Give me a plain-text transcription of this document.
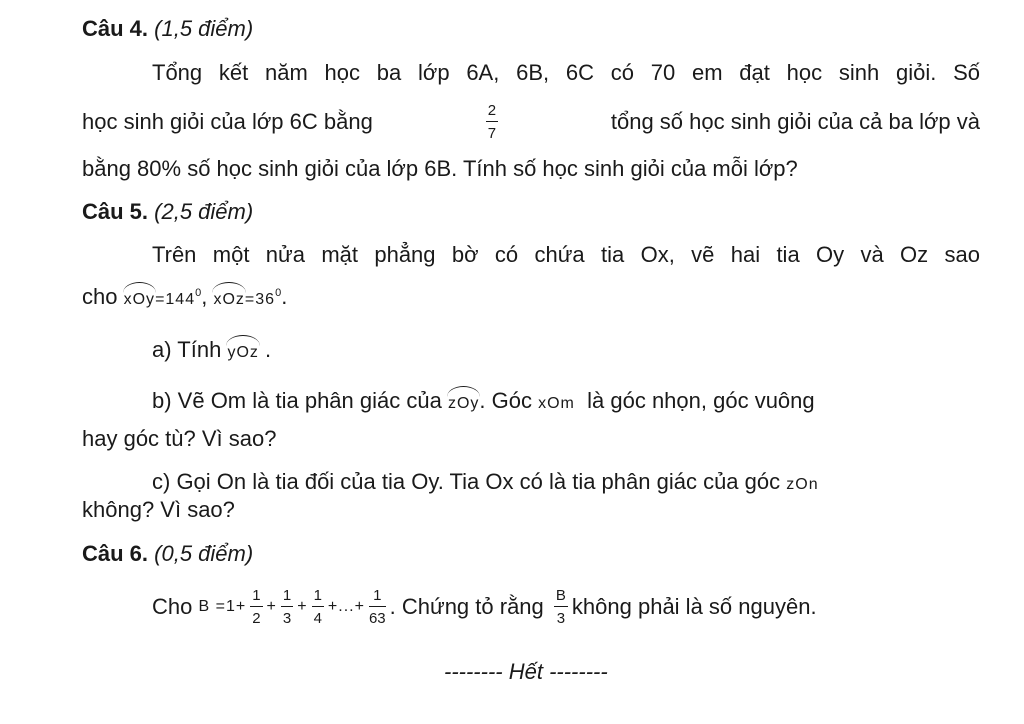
Câu 4. (1,5 điểm)
Tổng kết năm học ba lớp 6A, 6B, 6C có 70 em đạt học sinh giỏi. Số
học sinh giỏi của lớp 6C bằng	$\frac{2}{7}$	tổng số học sinh giỏi của cả ba lớp và
bằng 80% số học sinh giỏi của lớp 6B. Tính số học sinh giỏi của mỗi lớp?
Câu 5. (2,5 điểm)
Trên một nửa mặt phẳng bờ có chứa tia Ox, vẽ hai tia Oy và Oz sao
cho $xOy=144^0$, $xOz=36^0$.
a) Tính yOz .
b) Vẽ Om là tia phân giác của zOy. Góc xOm là góc nhọn, góc vuông
hay góc tù? Vì sao?
c) Gọi On là tia đối của tia Oy. Tia Ox có là tia phân giác của góc zOn
không? Vì sao?
Câu 6. (0,5 điểm)
Cho
$B =1+ \frac{1}{2} + \frac{1}{3} + \frac{1}{4}$ +...+ $\frac{1}{63}$ . Chứng tỏ rằng
$\frac{B}{3}$ không phải là số nguyên.
-------- Hết --------
